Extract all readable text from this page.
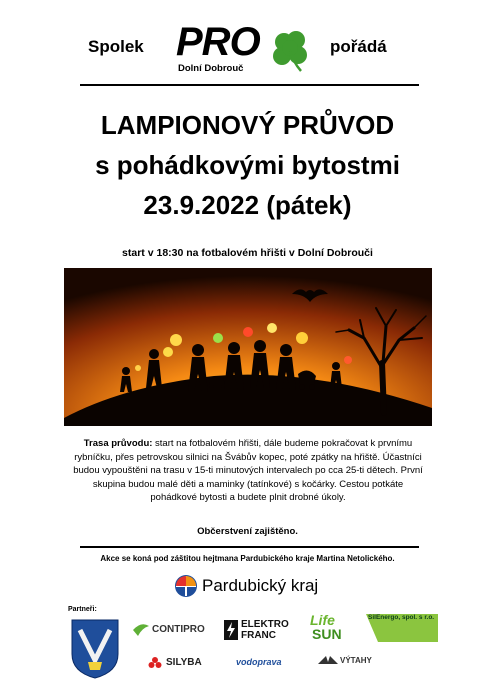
Spolek PRO
Dolní Dobrouč
pořádá
LAMPIONOVÝ PRŮVOD
s pohádkovými bytostmi
23.9.2022 (pátek)
start v 18:30 na fotbalovém hřišti v Dolní Dobrouči
Trasa průvodu: start na fotbalovém hřišti, dále budeme pokračovat k prvnímu rybníčku, přes petrovskou silnici na Švábův kopec, poté zpátky na hřiště. Účastníci budou vypouštěni na trasu v 15-ti minutových intervalech po cca 25-ti dětech. První skupina budou malé děti a maminky (tatínkové) s kočárky. Cestou potkáte pohádkové bytosti a budete plnit drobné úkoly.
Občerstvení zajištěno.
Akce se koná pod záštitou hejtmana Pardubického kraje Martina Netolického.
Pardubický kraj
Partneři:
CONTIPRO	ELEKTRO
FRANC
Life
SUN
SilEnergo, spol. s r.o.
SILYBA	vodoprava	VÝTAHY
